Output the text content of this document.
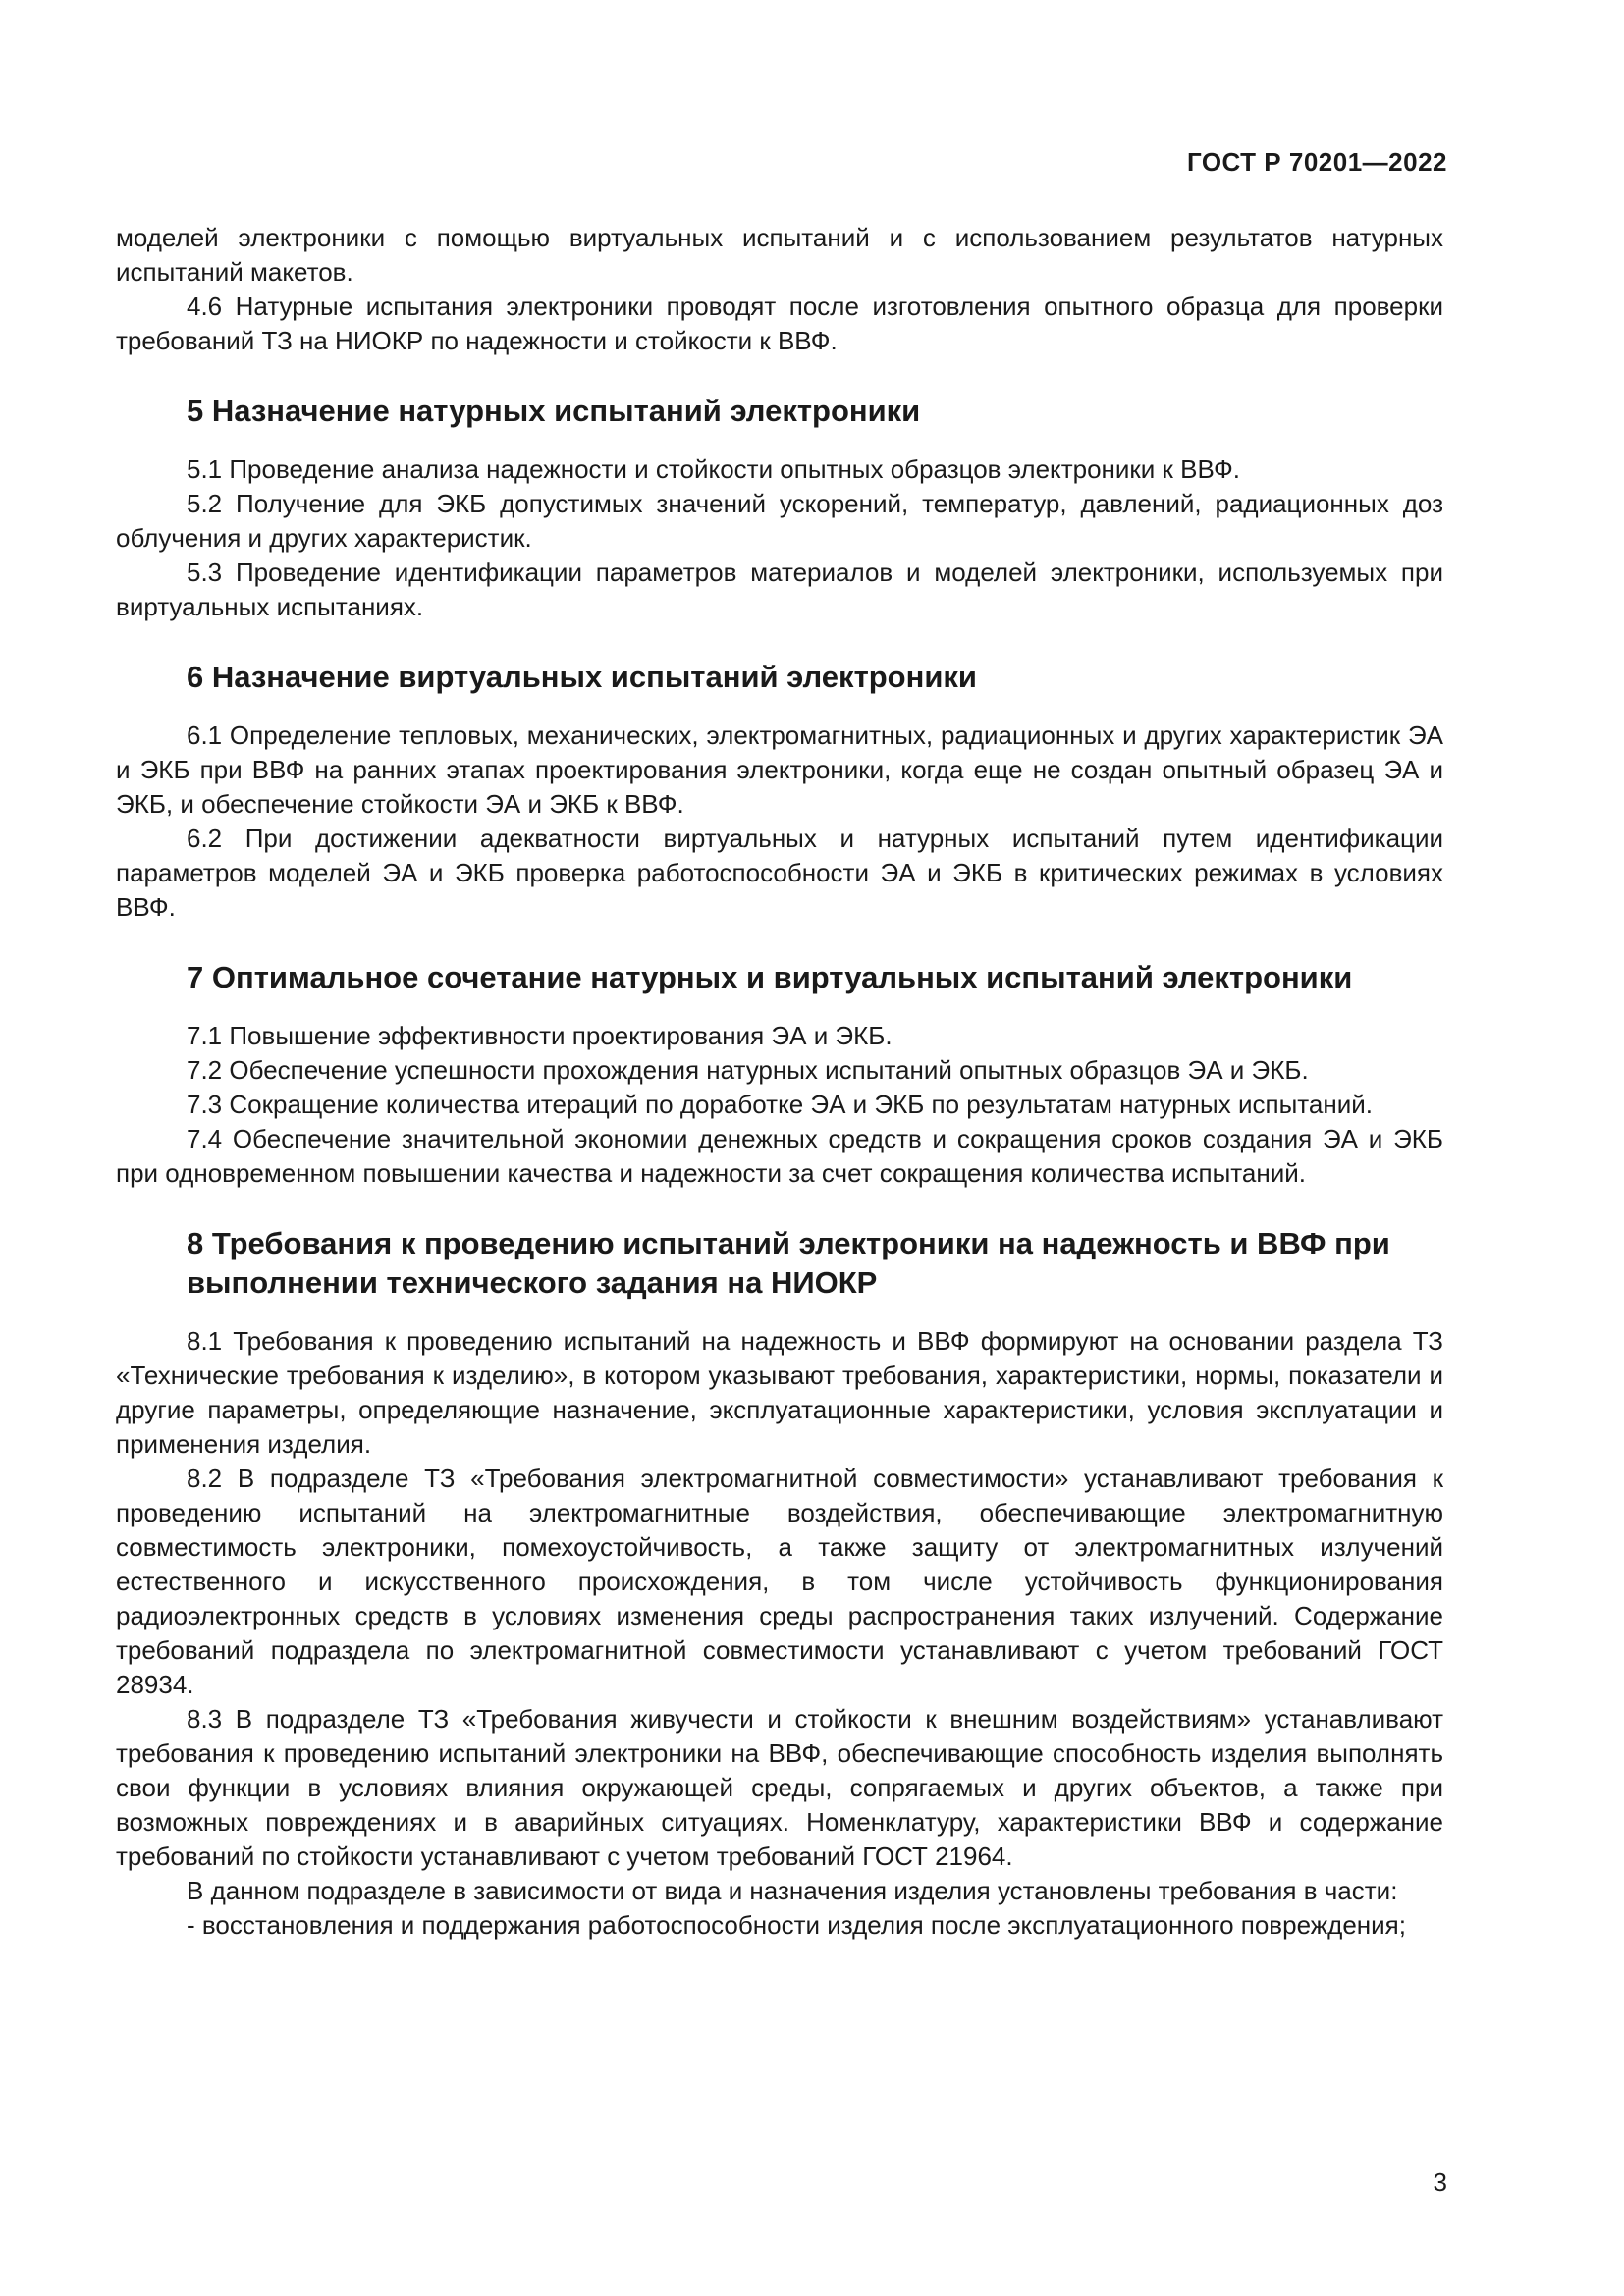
ГОСТ Р 70201—2022

моделей электроники с помощью виртуальных испытаний и с использованием результатов натурных испытаний макетов.

4.6 Натурные испытания электроники проводят после изготовления опытного образца для проверки требований ТЗ на НИОКР по надежности и стойкости к ВВФ.

5 Назначение натурных испытаний электроники

5.1 Проведение анализа надежности и стойкости опытных образцов электроники к ВВФ.

5.2 Получение для ЭКБ допустимых значений ускорений, температур, давлений, радиационных доз облучения и других характеристик.

5.3 Проведение идентификации параметров материалов и моделей электроники, используемых при виртуальных испытаниях.

6 Назначение виртуальных испытаний электроники

6.1 Определение тепловых, механических, электромагнитных, радиационных и других характеристик ЭА и ЭКБ при ВВФ на ранних этапах проектирования электроники, когда еще не создан опытный образец ЭА и ЭКБ, и обеспечение стойкости ЭА и ЭКБ к ВВФ.

6.2 При достижении адекватности виртуальных и натурных испытаний путем идентификации параметров моделей ЭА и ЭКБ проверка работоспособности ЭА и ЭКБ в критических режимах в условиях ВВФ.

7 Оптимальное сочетание натурных и виртуальных испытаний электроники

7.1 Повышение эффективности проектирования ЭА и ЭКБ.

7.2 Обеспечение успешности прохождения натурных испытаний опытных образцов ЭА и ЭКБ.

7.3 Сокращение количества итераций по доработке ЭА и ЭКБ по результатам натурных испытаний.

7.4 Обеспечение значительной экономии денежных средств и сокращения сроков создания ЭА и ЭКБ при одновременном повышении качества и надежности за счет сокращения количества испытаний.

8 Требования к проведению испытаний электроники на надежность и ВВФ при выполнении технического задания на НИОКР

8.1 Требования к проведению испытаний на надежность и ВВФ формируют на основании раздела ТЗ «Технические требования к изделию», в котором указывают требования, характеристики, нормы, показатели и другие параметры, определяющие назначение, эксплуатационные характеристики, условия эксплуатации и применения изделия.

8.2 В подразделе ТЗ «Требования электромагнитной совместимости» устанавливают требования к проведению испытаний на электромагнитные воздействия, обеспечивающие электромагнитную совместимость электроники, помехоустойчивость, а также защиту от электромагнитных излучений естественного и искусственного происхождения, в том числе устойчивость функционирования радиоэлектронных средств в условиях изменения среды распространения таких излучений. Содержание требований подраздела по электромагнитной совместимости устанавливают с учетом требований ГОСТ 28934.

8.3 В подразделе ТЗ «Требования живучести и стойкости к внешним воздействиям» устанавливают требования к проведению испытаний электроники на ВВФ, обеспечивающие способность изделия выполнять свои функции в условиях влияния окружающей среды, сопрягаемых и других объектов, а также при возможных повреждениях и в аварийных ситуациях. Номенклатуру, характеристики ВВФ и содержание требований по стойкости устанавливают с учетом требований ГОСТ 21964.

В данном подразделе в зависимости от вида и назначения изделия установлены требования в части:

- восстановления и поддержания работоспособности изделия после эксплуатационного повреждения;

3
